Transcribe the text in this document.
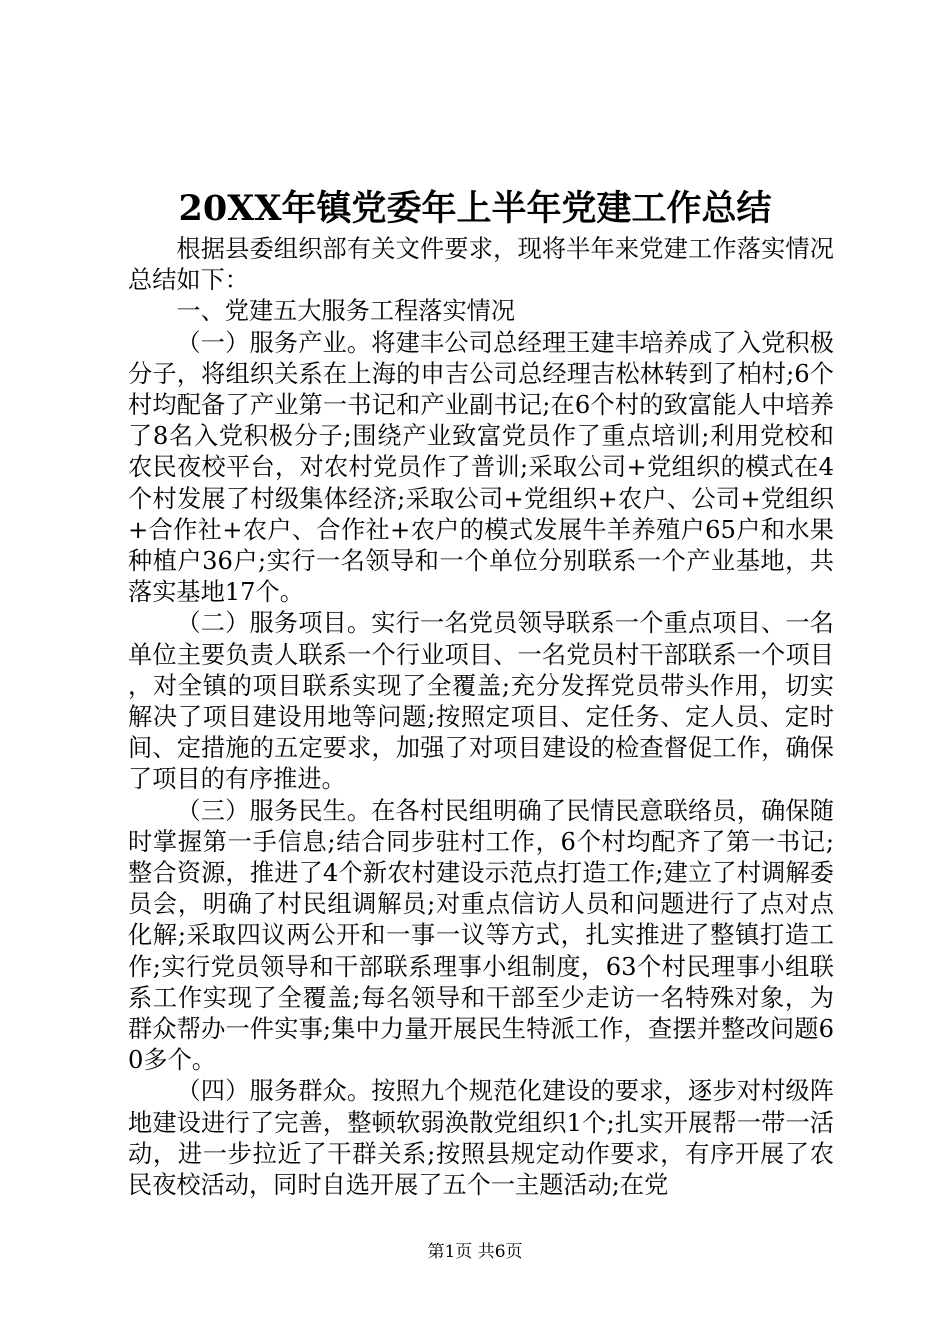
20XX年镇党委年上半年党建工作总结

根据县委组织部有关文件要求，现将半年来党建工作落实情况总结如下：

一、党建五大服务工程落实情况

（一）服务产业。将建丰公司总经理王建丰培养成了入党积极分子，将组织关系在上海的申吉公司总经理吉松林转到了柏村;6个村均配备了产业第一书记和产业副书记;在6个村的致富能人中培养了8名入党积极分子;围绕产业致富党员作了重点培训;利用党校和农民夜校平台，对农村党员作了普训;采取公司+党组织的模式在4个村发展了村级集体经济;采取公司+党组织+农户、公司+党组织+合作社+农户、合作社+农户的模式发展牛羊养殖户65户和水果种植户36户;实行一名领导和一个单位分别联系一个产业基地，共落实基地17个。

（二）服务项目。实行一名党员领导联系一个重点项目、一名单位主要负责人联系一个行业项目、一名党员村干部联系一个项目，对全镇的项目联系实现了全覆盖;充分发挥党员带头作用，切实解决了项目建设用地等问题;按照定项目、定任务、定人员、定时间、定措施的五定要求，加强了对项目建设的检查督促工作，确保了项目的有序推进。

（三）服务民生。在各村民组明确了民情民意联络员，确保随时掌握第一手信息;结合同步驻村工作，6个村均配齐了第一书记;整合资源，推进了4个新农村建设示范点打造工作;建立了村调解委员会，明确了村民组调解员;对重点信访人员和问题进行了点对点化解;采取四议两公开和一事一议等方式，扎实推进了整镇打造工作;实行党员领导和干部联系理事小组制度，63个村民理事小组联系工作实现了全覆盖;每名领导和干部至少走访一名特殊对象，为群众帮办一件实事;集中力量开展民生特派工作，查摆并整改问题60多个。

（四）服务群众。按照九个规范化建设的要求，逐步对村级阵地建设进行了完善，整顿软弱涣散党组织1个;扎实开展帮一带一活动，进一步拉近了干群关系;按照县规定动作要求，有序开展了农民夜校活动，同时自选开展了五个一主题活动;在党

第1页 共6页
